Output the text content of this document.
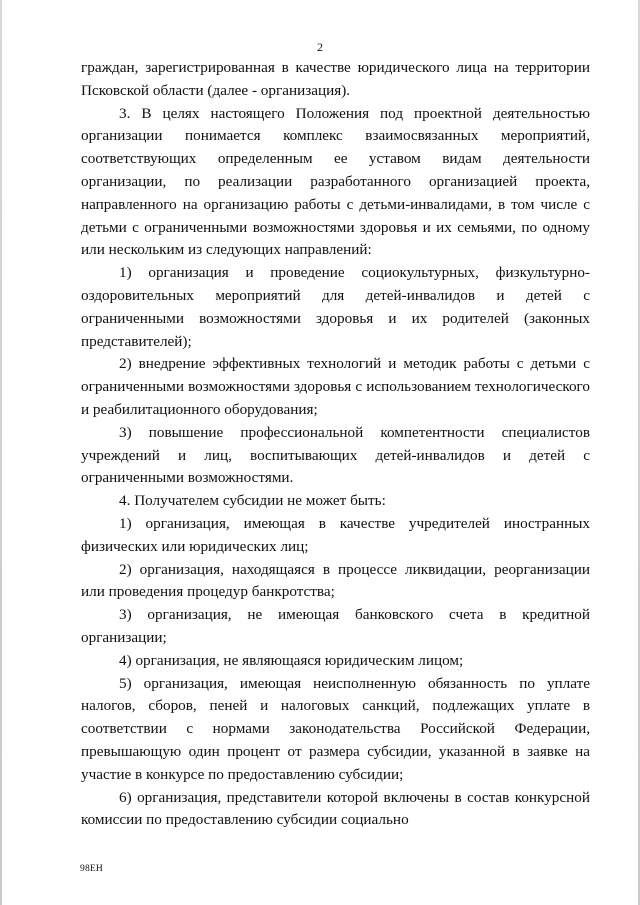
2

граждан, зарегистрированная в качестве юридического лица на территории Псковской области (далее - организация).

3. В целях настоящего Положения под проектной деятельностью организации понимается комплекс взаимосвязанных мероприятий, соответствующих определенным ее уставом видам деятельности организации, по реализации разработанного организацией проекта, направленного на организацию работы с детьми-инвалидами, в том числе с детьми с ограниченными возможностями здоровья и их семьями, по одному или нескольким из следующих направлений:

1) организация и проведение социокультурных, физкультурно-оздоровительных мероприятий для детей-инвалидов и детей с ограниченными возможностями здоровья и их родителей (законных представителей);

2) внедрение эффективных технологий и методик работы с детьми с ограниченными возможностями здоровья с использованием технологического и реабилитационного оборудования;

3) повышение профессиональной компетентности специалистов учреждений и лиц, воспитывающих детей-инвалидов и детей с ограниченными возможностями.

4. Получателем субсидии не может быть:

1) организация, имеющая в качестве учредителей иностранных физических или юридических лиц;

2) организация, находящаяся в процессе ликвидации, реорганизации или проведения процедур банкротства;

3) организация, не имеющая банковского счета в кредитной организации;

4) организация, не являющаяся юридическим лицом;

5) организация, имеющая неисполненную обязанность по уплате налогов, сборов, пеней и налоговых санкций, подлежащих уплате в соответствии с нормами законодательства Российской Федерации, превышающую один процент от размера субсидии, указанной в заявке на участие в конкурсе по предоставлению субсидии;

6) организация, представители которой включены в состав конкурсной комиссии по предоставлению субсидии социально

98EH
